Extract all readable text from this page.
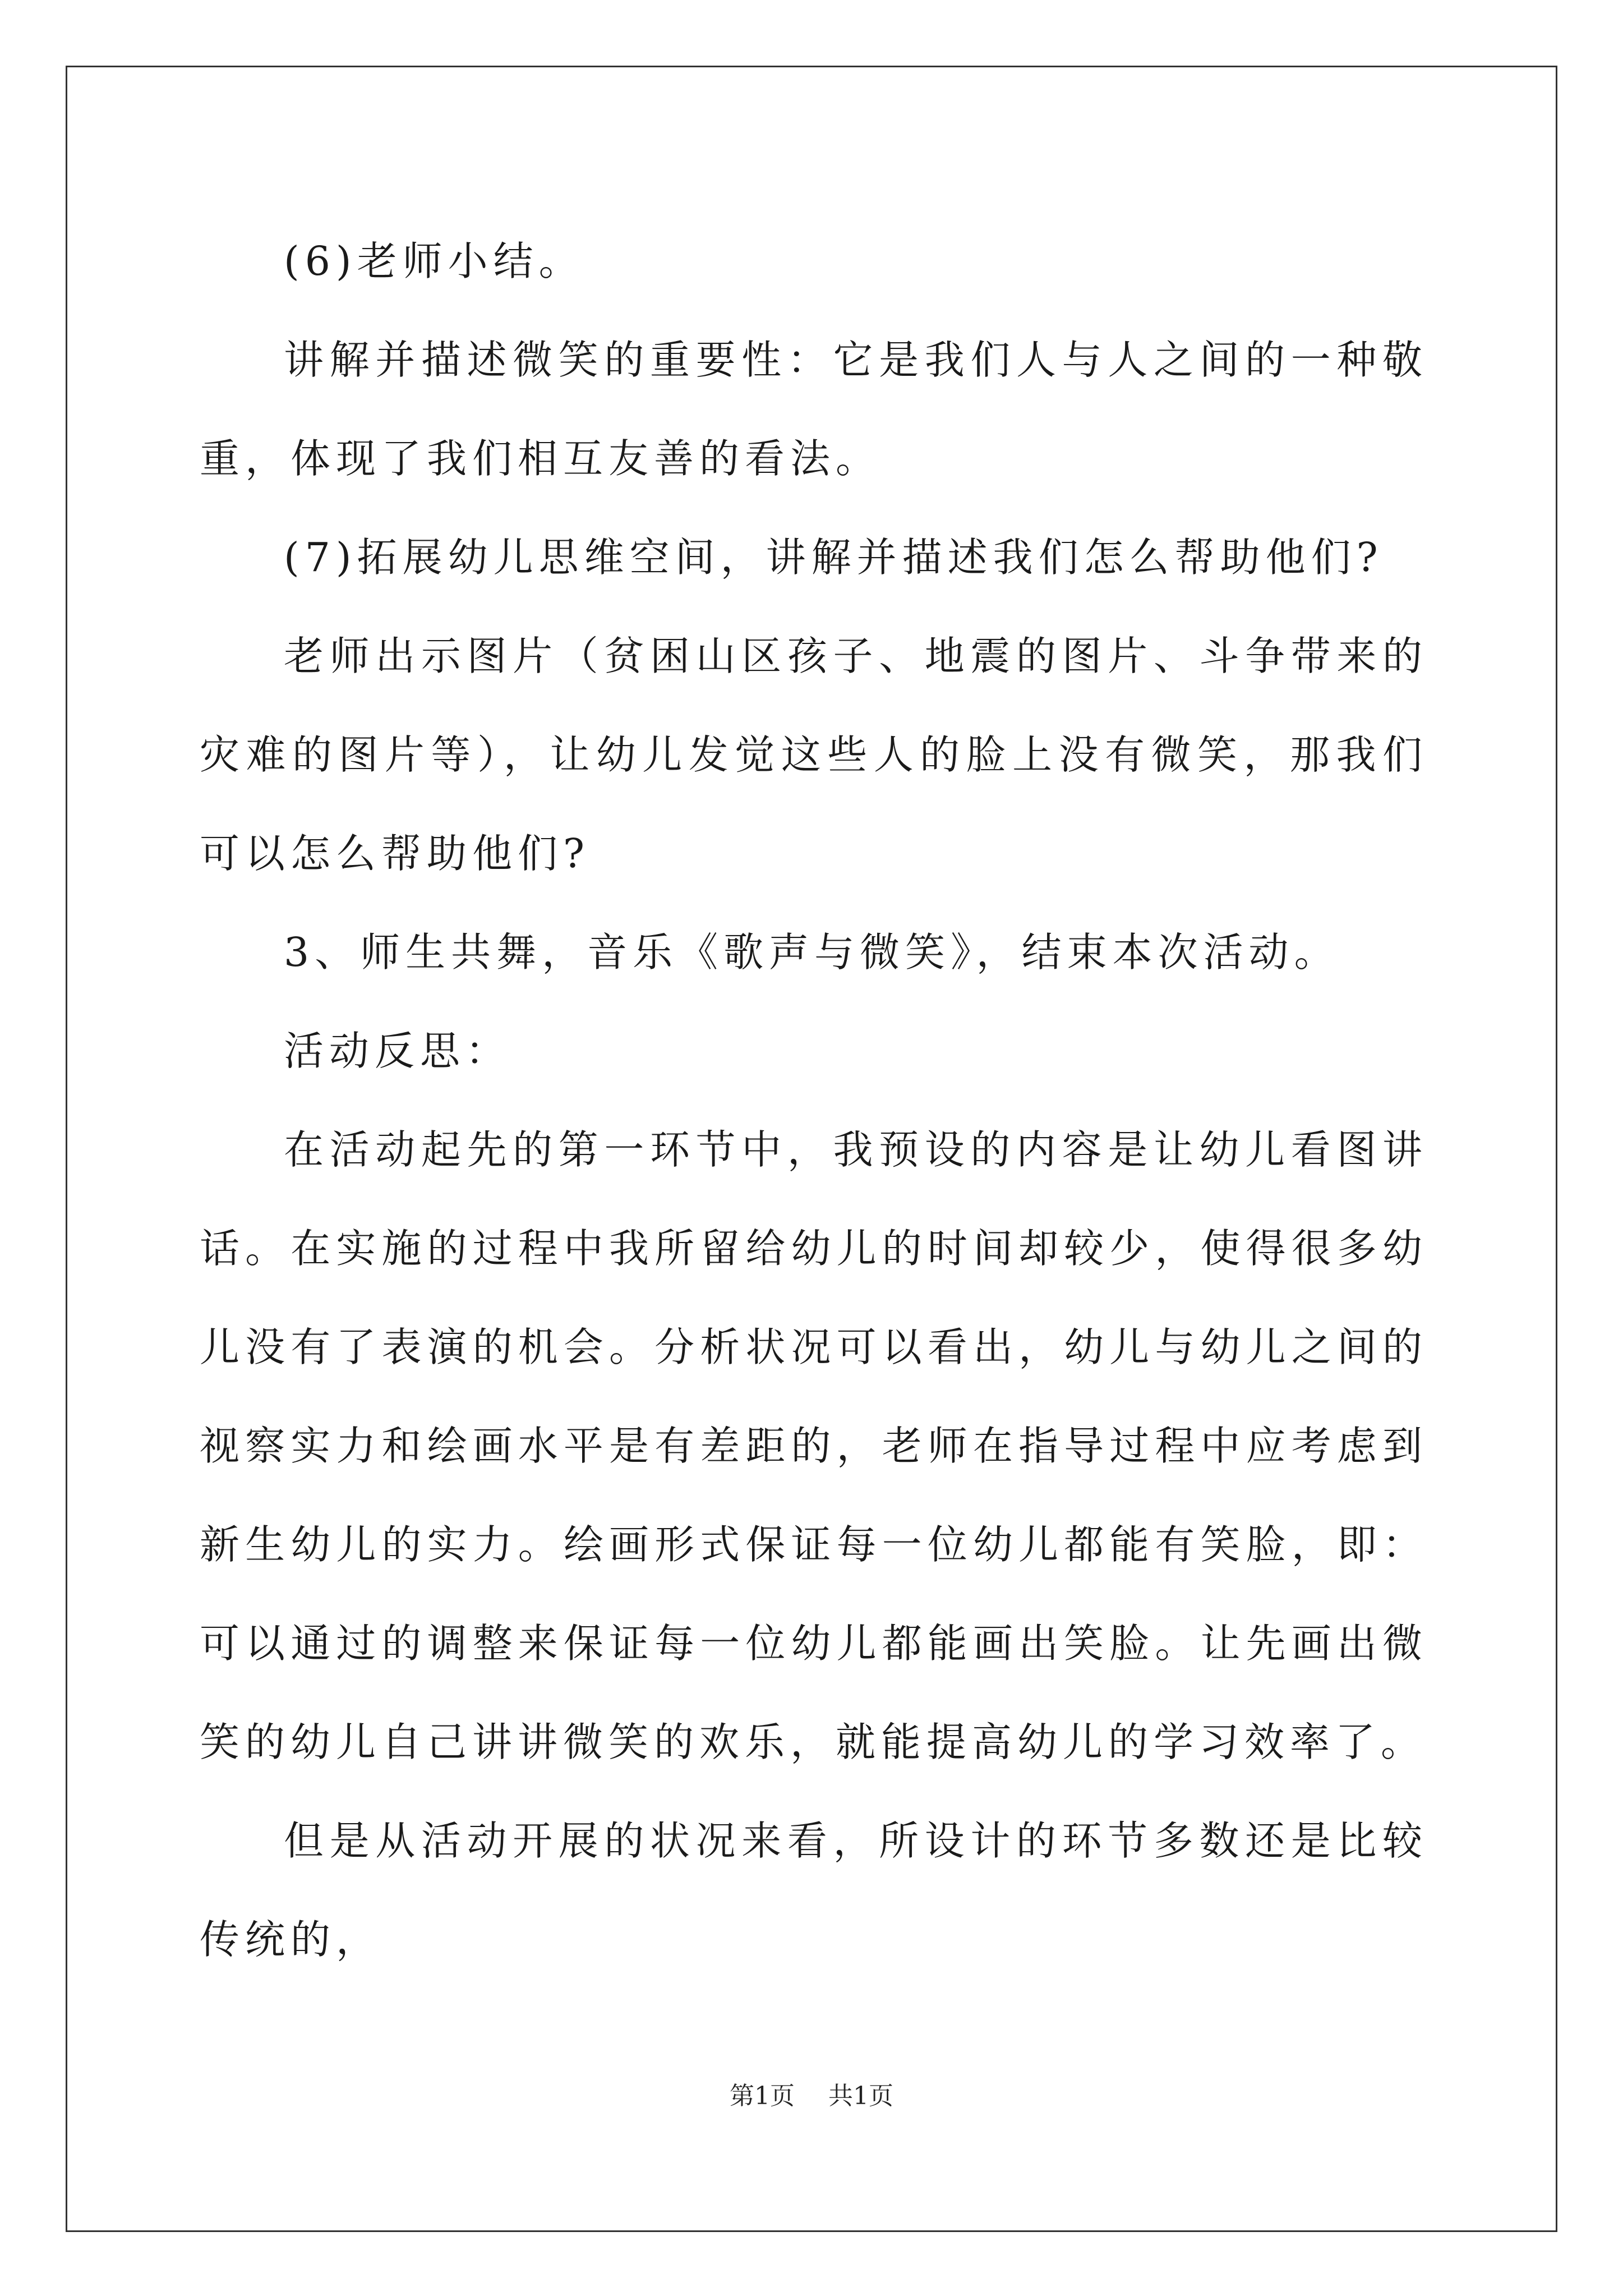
(6)老师小结。

讲解并描述微笑的重要性：它是我们人与人之间的一种敬重，体现了我们相互友善的看法。

(7)拓展幼儿思维空间，讲解并描述我们怎么帮助他们?

老师出示图片（贫困山区孩子、地震的图片、斗争带来的灾难的图片等），让幼儿发觉这些人的脸上没有微笑，那我们可以怎么帮助他们?

3、师生共舞，音乐《歌声与微笑》，结束本次活动。

活动反思：

在活动起先的第一环节中，我预设的内容是让幼儿看图讲话。在实施的过程中我所留给幼儿的时间却较少，使得很多幼儿没有了表演的机会。分析状况可以看出，幼儿与幼儿之间的视察实力和绘画水平是有差距的，老师在指导过程中应考虑到新生幼儿的实力。绘画形式保证每一位幼儿都能有笑脸，即：可以通过的调整来保证每一位幼儿都能画出笑脸。让先画出微笑的幼儿自己讲讲微笑的欢乐，就能提高幼儿的学习效率了。

但是从活动开展的状况来看，所设计的环节多数还是比较传统的，

第1页 共1页
